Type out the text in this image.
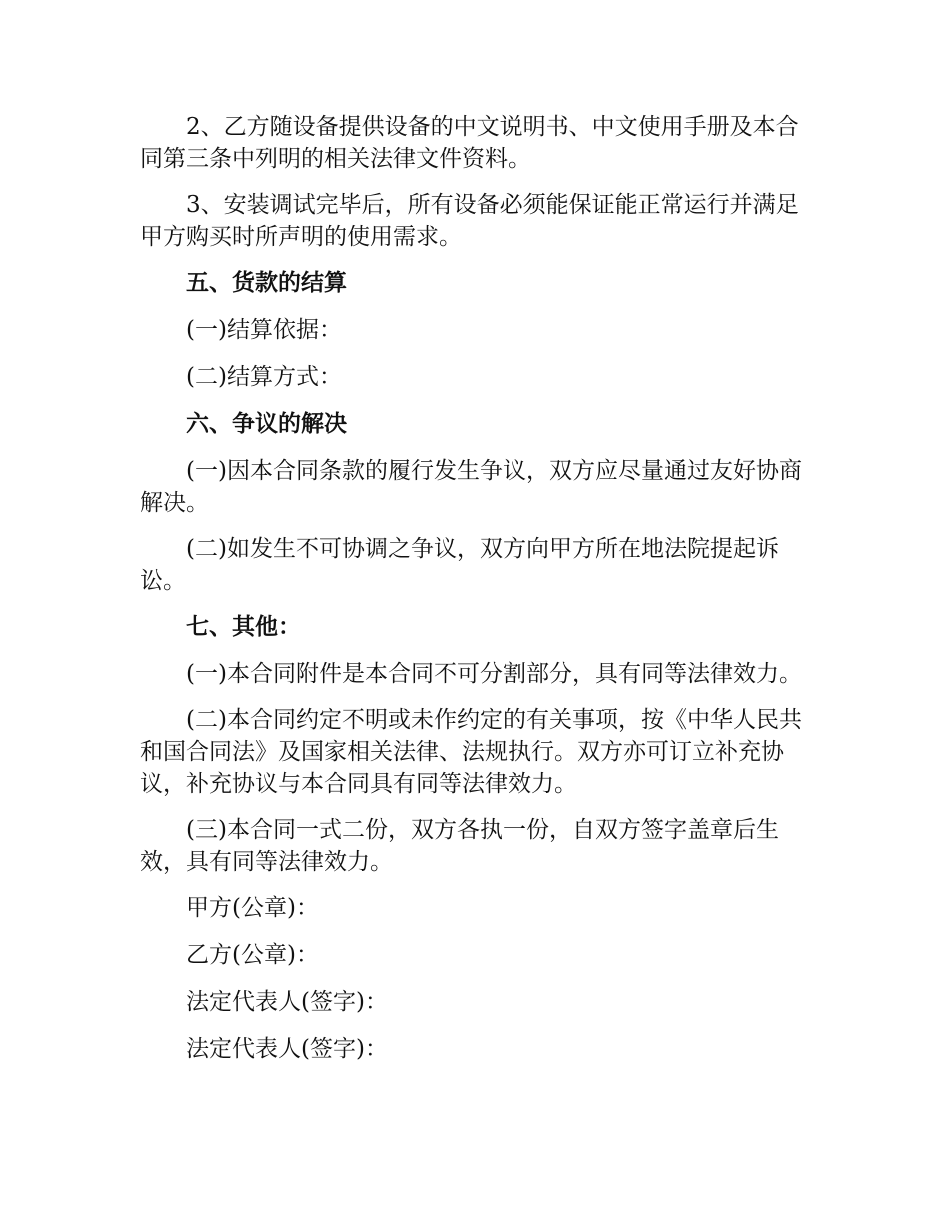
2、乙方随设备提供设备的中文说明书、中文使用手册及本合同第三条中列明的相关法律文件资料。

3、安装调试完毕后，所有设备必须能保证能正常运行并满足甲方购买时所声明的使用需求。

五、货款的结算

(一)结算依据：

(二)结算方式：

六、争议的解决

(一)因本合同条款的履行发生争议，双方应尽量通过友好协商解决。

(二)如发生不可协调之争议，双方向甲方所在地法院提起诉讼。

七、其他：

(一)本合同附件是本合同不可分割部分，具有同等法律效力。

(二)本合同约定不明或未作约定的有关事项，按《中华人民共和国合同法》及国家相关法律、法规执行。双方亦可订立补充协议，补充协议与本合同具有同等法律效力。

(三)本合同一式二份，双方各执一份，自双方签字盖章后生效，具有同等法律效力。

甲方(公章)：

乙方(公章)：

法定代表人(签字)：

法定代表人(签字)：
